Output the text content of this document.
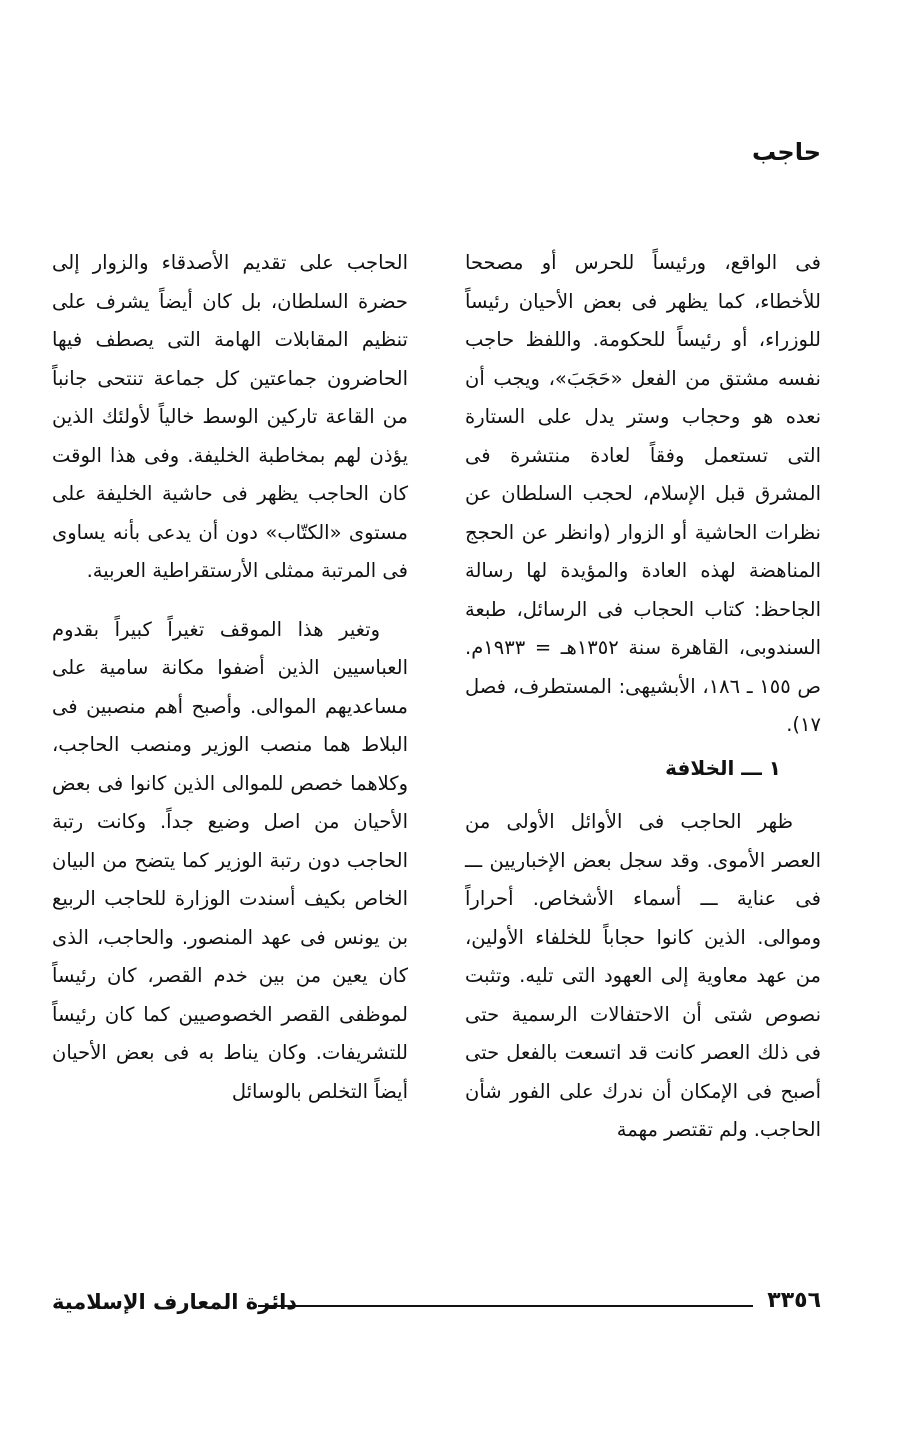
حاجب

فى الواقع، ورئيساً للحرس أو مصححا للأخطاء، كما يظهر فى بعض الأحيان رئيساً للوزراء، أو رئيساً للحكومة. واللفظ حاجب نفسه مشتق من الفعل «حَجَبَ»، ويجب أن نعده هو وحجاب وستر يدل على الستارة التى تستعمل وفقاً لعادة منتشرة فى المشرق قبل الإسلام، لحجب السلطان عن نظرات الحاشية أو الزوار (وانظر عن الحجج المناهضة لهذه العادة والمؤيدة لها رسالة الجاحظ: كتاب الحجاب فى الرسائل، طبعة السندوبى، القاهرة سنة ١٣٥٢هـ = ١٩٣٣م. ص ١٥٥ ـ ١٨٦، الأبشيهى: المستطرف، فصل ١٧).

١ ـــ الخلافة

ظهر الحاجب فى الأوائل الأولى من العصر الأموى. وقد سجل بعض الإخباريين ـــ فى عناية ـــ أسماء الأشخاص. أحراراً وموالى. الذين كانوا حجاباً للخلفاء الأولين، من عهد معاوية إلى العهود التى تليه. وتثبت نصوص شتى أن الاحتفالات الرسمية حتى فى ذلك العصر كانت قد اتسعت بالفعل حتى أصبح فى الإمكان أن ندرك على الفور شأن الحاجب. ولم تقتصر مهمة

الحاجب على تقديم الأصدقاء والزوار إلى حضرة السلطان، بل كان أيضاً يشرف على تنظيم المقابلات الهامة التى يصطف فيها الحاضرون جماعتين كل جماعة تنتحى جانباً من القاعة تاركين الوسط خالياً لأولئك الذين يؤذن لهم بمخاطبة الخليفة. وفى هذا الوقت كان الحاجب يظهر فى حاشية الخليفة على مستوى «الكتّاب» دون أن يدعى بأنه يساوى فى المرتبة ممثلى الأرستقراطية العربية.

وتغير هذا الموقف تغيراً كبيراً بقدوم العباسيين الذين أضفوا مكانة سامية على مساعديهم الموالى. وأصبح أهم منصبين فى البلاط هما منصب الوزير ومنصب الحاجب، وكلاهما خصص للموالى الذين كانوا فى بعض الأحيان من اصل وضيع جداً. وكانت رتبة الحاجب دون رتبة الوزير كما يتضح من البيان الخاص بكيف أسندت الوزارة للحاجب الربيع بن يونس فى عهد المنصور. والحاجب، الذى كان يعين من بين خدم القصر، كان رئيساً لموظفى القصر الخصوصيين كما كان رئيساً للتشريفات. وكان يناط به فى بعض الأحيان أيضاً التخلص بالوسائل

دائرة المعارف الإسلامية	٣٣٥٦
